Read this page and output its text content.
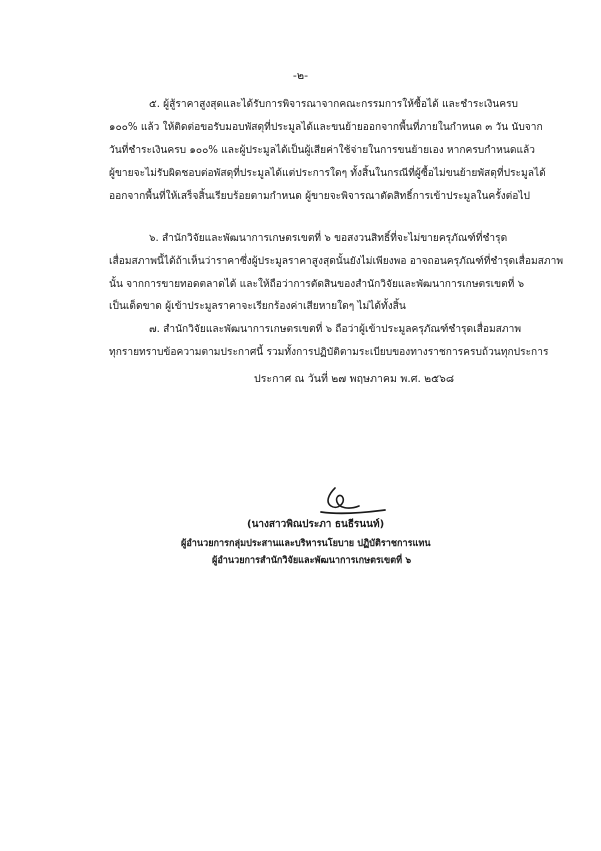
-๒-
๕. ผู้สู้ราคาสูงสุดและได้รับการพิจารณาจากคณะกรรมการให้ซื้อได้ และชำระเงินครบ
๑๐๐% แล้ว ให้ติดต่อขอรับมอบพัสดุที่ประมูลได้และขนย้ายออกจากพื้นที่ภายในกำหนด ๓ วัน นับจาก
วันที่ชำระเงินครบ ๑๐๐% และผู้ประมูลได้เป็นผู้เสียค่าใช้จ่ายในการขนย้ายเอง หากครบกำหนดแล้ว
ผู้ขายจะไม่รับผิดชอบต่อพัสดุที่ประมูลได้แต่ประการใดๆ ทั้งสิ้นในกรณีที่ผู้ซื้อไม่ขนย้ายพัสดุที่ประมูลได้
ออกจากพื้นที่ให้เสร็จสิ้นเรียบร้อยตามกำหนด ผู้ขายจะพิจารณาตัดสิทธิ์การเข้าประมูลในครั้งต่อไป
๖. สำนักวิจัยและพัฒนาการเกษตรเขตที่ ๖ ขอสงวนสิทธิ์ที่จะไม่ขายครุภัณฑ์ที่ชำรุด
เสื่อมสภาพนี้ได้ถ้าเห็นว่าราคาซึ่งผู้ประมูลราคาสูงสุดนั้นยังไม่เพียงพอ อาจถอนครุภัณฑ์ที่ชำรุดเสื่อมสภาพ
นั้น จากการขายทอดตลาดได้ และให้ถือว่าการตัดสินของสำนักวิจัยและพัฒนาการเกษตรเขตที่ ๖
เป็นเด็ดขาด ผู้เข้าประมูลราคาจะเรียกร้องค่าเสียหายใดๆ ไม่ได้ทั้งสิ้น
๗. สำนักวิจัยและพัฒนาการเกษตรเขตที่ ๖ ถือว่าผู้เข้าประมูลครุภัณฑ์ชำรุดเสื่อมสภาพ
ทุกรายทราบข้อความตามประกาศนี้ รวมทั้งการปฏิบัติตามระเบียบของทางราชการครบถ้วนทุกประการ
ประกาศ ณ วันที่ ๒๗ พฤษภาคม พ.ศ. ๒๕๖๘
(นางสาวพิณประภา ธนธีรนนท์)
ผู้อำนวยการกลุ่มประสานและบริหารนโยบาย ปฏิบัติราชการแทน
ผู้อำนวยการสำนักวิจัยและพัฒนาการเกษตรเขตที่ ๖
